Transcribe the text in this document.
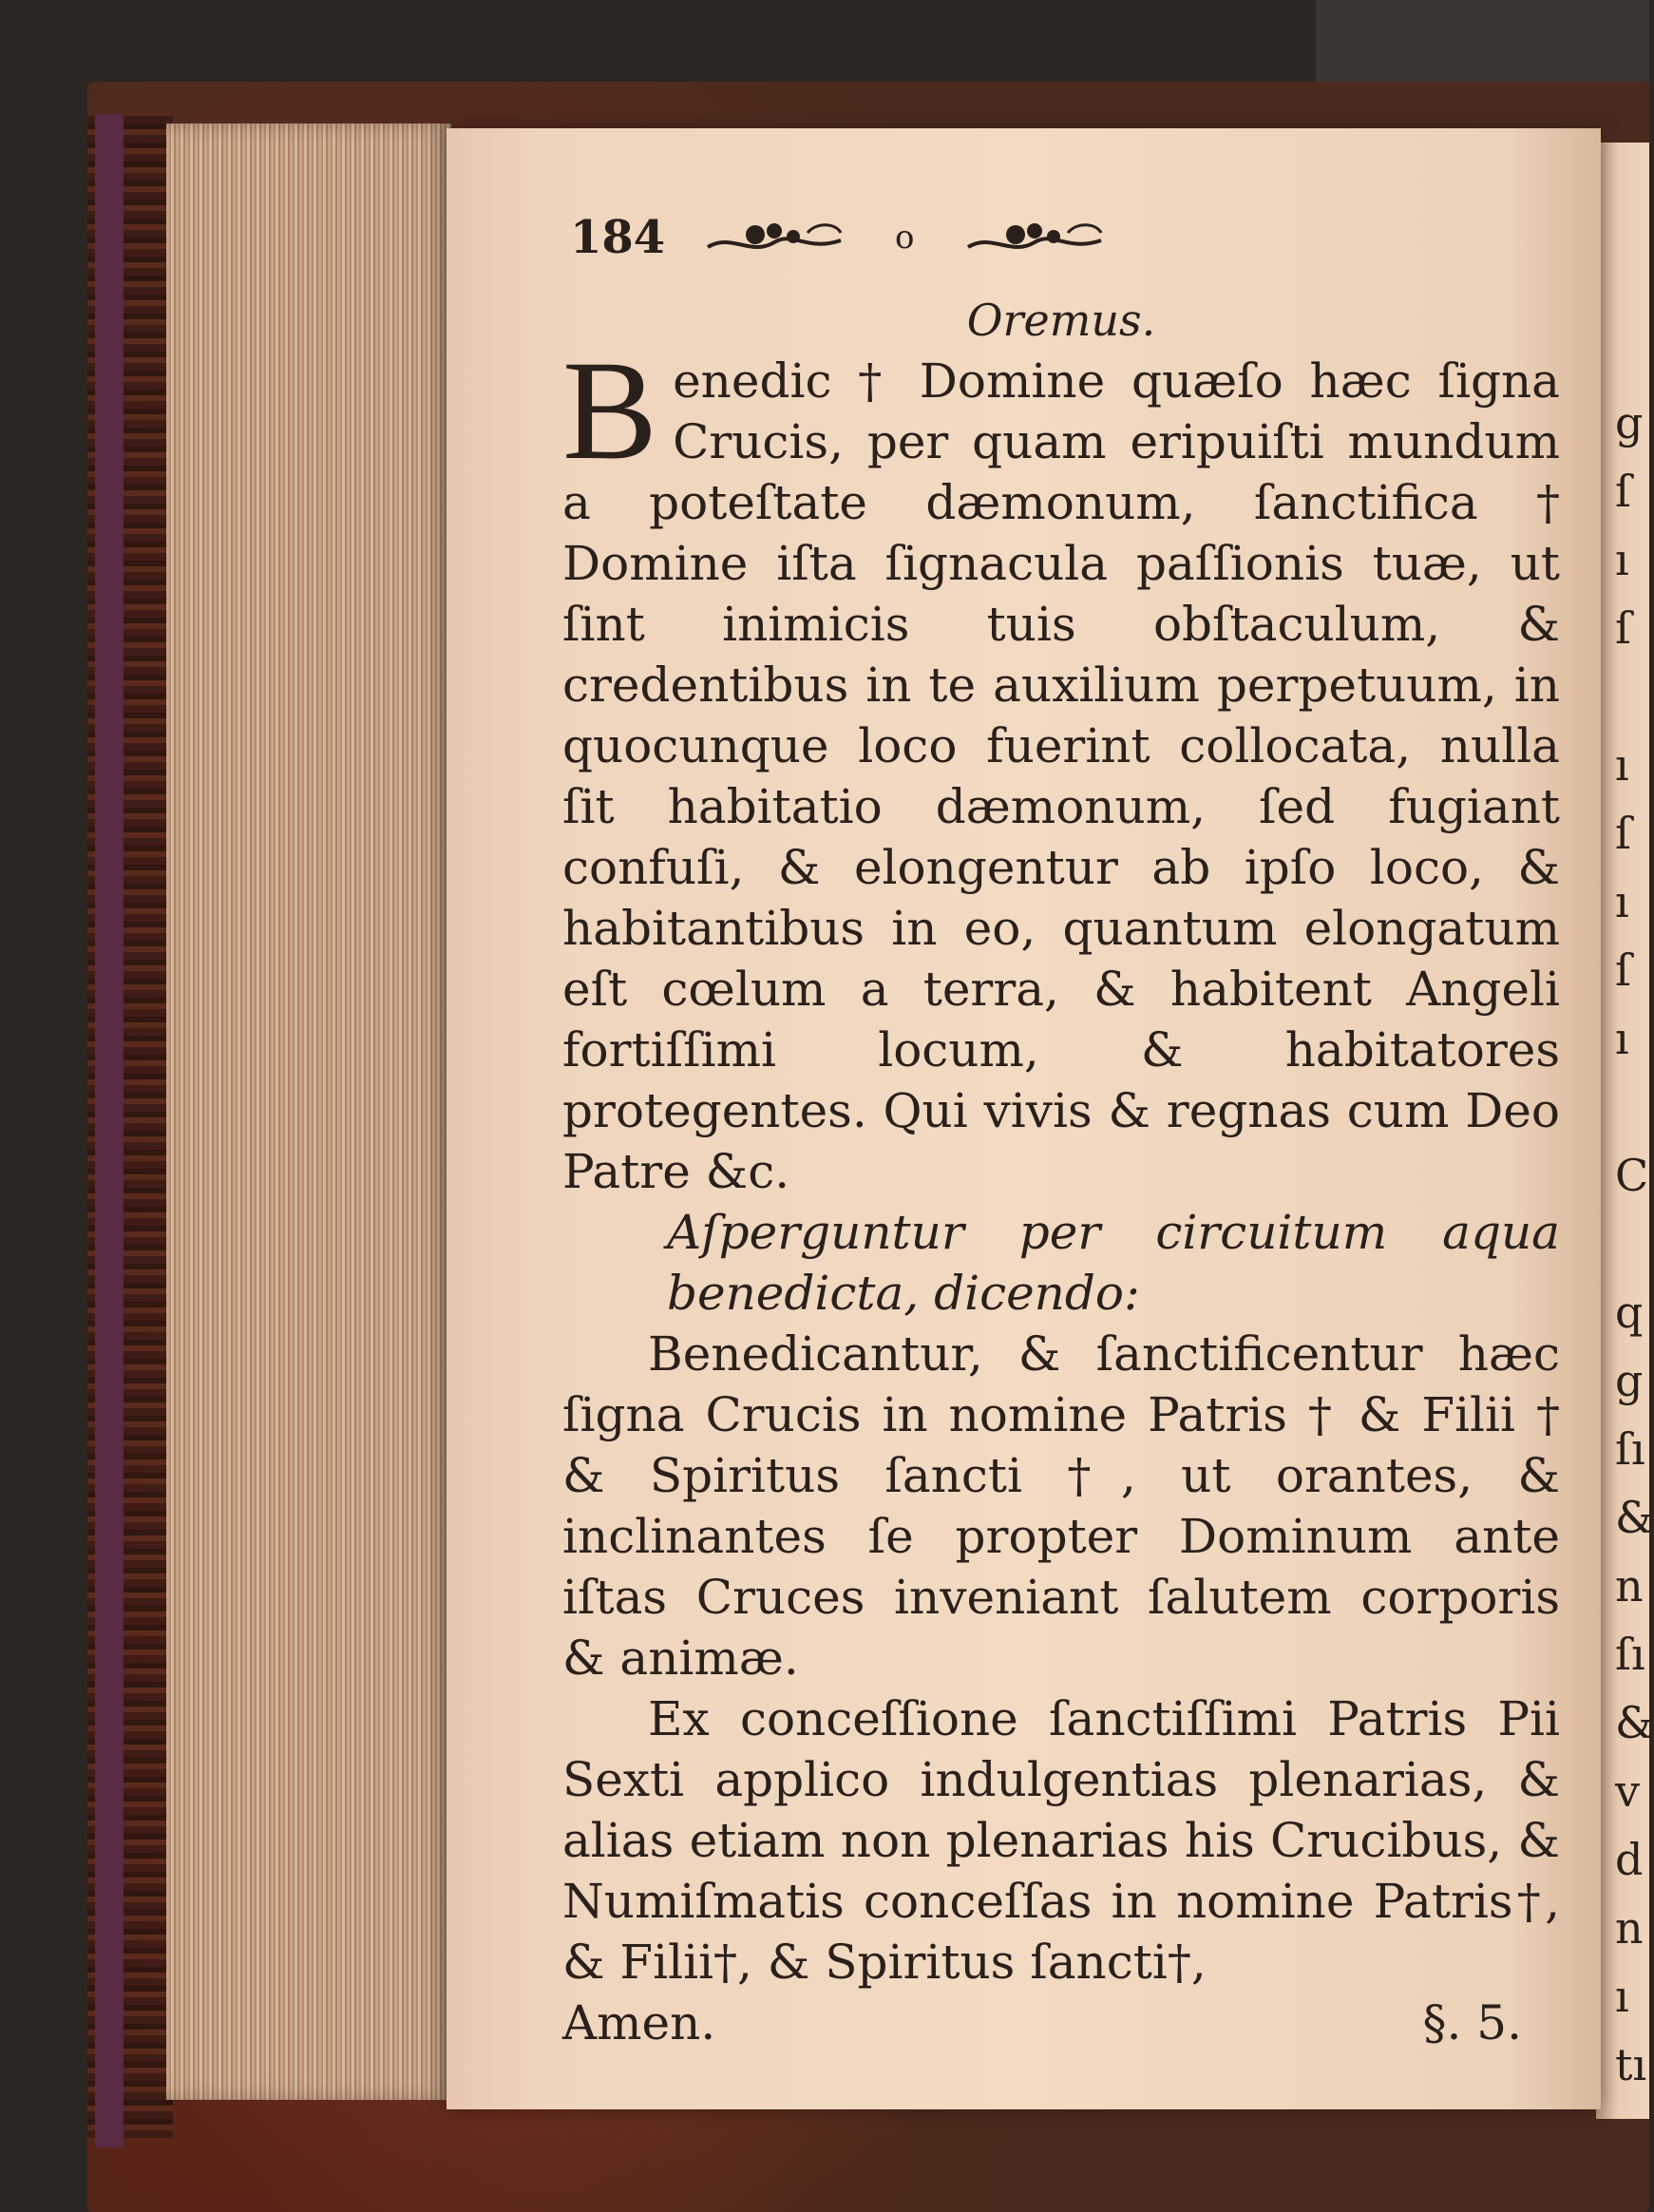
g
ſ
ı
ſ
ı
ſ
ı
ſ
ı
C
q
g
ſı
&
n
ſı
&
v
d
n
ı
tı
184	o
Oremus.
B enedic † Domine quæſo hæc ſigna Crucis, per quam eripuiſti mundum a poteſtate dæmonum, ſanctifica † Domine iſta ſignacula paſſionis tuæ, ut ſint inimicis tuis obſtaculum, & credentibus in te auxilium perpetuum, in quocunque loco fuerint collocata, nulla ſit habitatio dæmonum, ſed fugiant confuſi, & elongentur ab ipſo loco, & habitantibus in eo, quantum elongatum eſt cœlum a terra, & habitent Angeli fortiſſimi locum, & habitatores protegentes. Qui vivis & regnas cum Deo Patre &c.
Aſperguntur per circuitum aqua benedicta, dicendo:
Benedicantur, & ſanctificentur hæc ſigna Crucis in nomine Patris † & Filii † & Spiritus ſancti †, ut orantes, & inclinantes ſe propter Dominum ante iſtas Cruces inveniant ſalutem corporis & animæ.
Ex conceſſione ſanctiſſimi Patris Pii Sexti applico indulgentias plenarias, & alias etiam non plenarias his Crucibus, & Numiſmatis conceſſas in nomine Patris†, & Filii†, & Spiritus ſancti†,
Amen.	§. 5.
